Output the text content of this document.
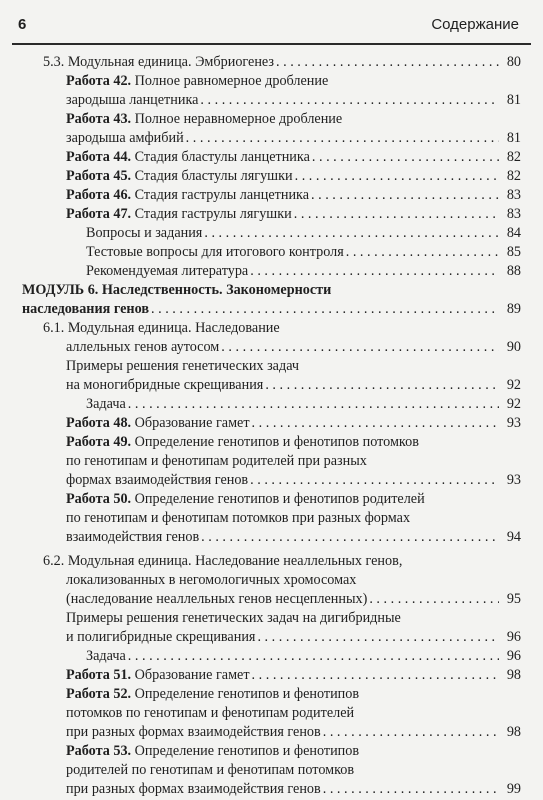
6	Содержание
5.3. Модульная единица. Эмбриогенез . . .	80
Работа 42. Полное равномерное дробление
зародыша ланцетника . . .	81
Работа 43. Полное неравномерное дробление
зародыша амфибий . . .	81
Работа 44. Стадия бластулы ланцетника . . .	82
Работа 45. Стадия бластулы лягушки . . .	82
Работа 46. Стадия гаструлы ланцетника . . .	83
Работа 47. Стадия гаструлы лягушки . . .	83
Вопросы и задания . . .	84
Тестовые вопросы для итогового контроля . . .	85
Рекомендуемая литература . . .	88
МОДУЛЬ 6. Наследственность. Закономерности
наследования генов . . .	89
6.1. Модульная единица. Наследование
аллельных генов аутосом . . .	90
Примеры решения генетических задач
на моногибридные скрещивания . . .	92
Задача . . .	92
Работа 48. Образование гамет . . .	93
Работа 49. Определение генотипов и фенотипов потомков
по генотипам и фенотипам родителей при разных
формах взаимодействия генов . . .	93
Работа 50. Определение генотипов и фенотипов родителей
по генотипам и фенотипам потомков при разных формах
взаимодействия генов . . .	94
6.2. Модульная единица. Наследование неаллельных генов,
локализованных в негомологичных хромосомах
(наследование неаллельных генов несцепленных) . . .	95
Примеры решения генетических задач на дигибридные
и полигибридные скрещивания . . .	96
Задача . . .	96
Работа 51. Образование гамет . . .	98
Работа 52. Определение генотипов и фенотипов
потомков по генотипам и фенотипам родителей
при разных формах взаимодействия генов . . .	98
Работа 53. Определение генотипов и фенотипов
родителей по генотипам и фенотипам потомков
при разных формах взаимодействия генов . . .	99
